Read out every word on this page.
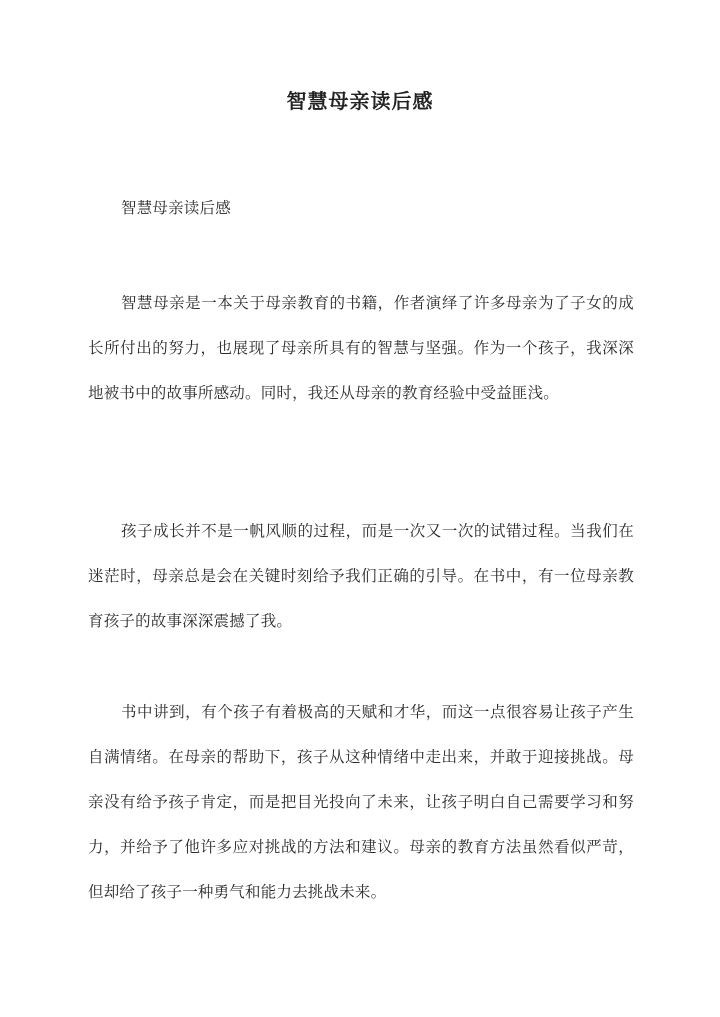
智慧母亲读后感

智慧母亲读后感

智慧母亲是一本关于母亲教育的书籍，作者演绎了许多母亲为了子女的成长所付出的努力，也展现了母亲所具有的智慧与坚强。作为一个孩子，我深深地被书中的故事所感动。同时，我还从母亲的教育经验中受益匪浅。

孩子成长并不是一帆风顺的过程，而是一次又一次的试错过程。当我们在迷茫时，母亲总是会在关键时刻给予我们正确的引导。在书中，有一位母亲教育孩子的故事深深震撼了我。

书中讲到，有个孩子有着极高的天赋和才华，而这一点很容易让孩子产生自满情绪。在母亲的帮助下，孩子从这种情绪中走出来，并敢于迎接挑战。母亲没有给予孩子肯定，而是把目光投向了未来，让孩子明白自己需要学习和努力，并给予了他许多应对挑战的方法和建议。母亲的教育方法虽然看似严苛，但却给了孩子一种勇气和能力去挑战未来。
